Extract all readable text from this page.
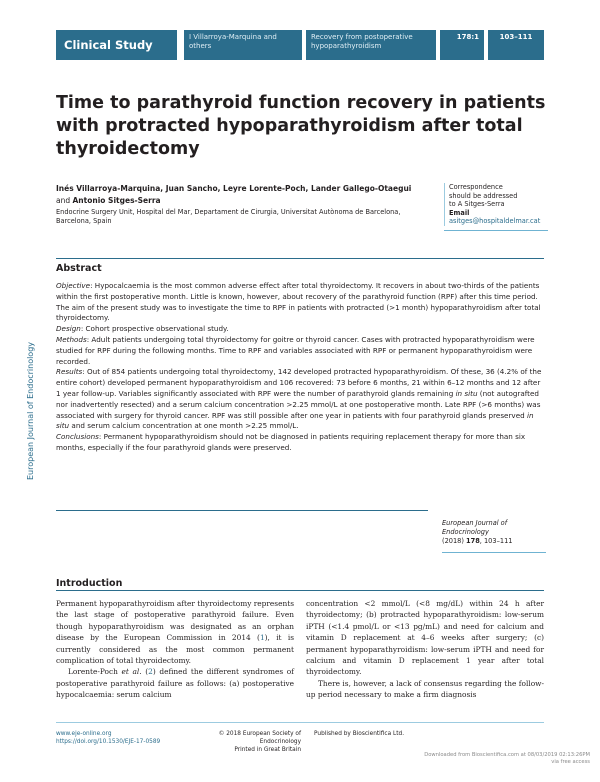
Clinical Study
I Villarroya-Marquina and others
Recovery from postoperative hypoparathyroidism
178:1	103–111
European Journal of Endocrinology
Time to parathyroid function recovery in patients with protracted hypoparathyroidism after total thyroidectomy
Inés Villarroya-Marquina, Juan Sancho, Leyre Lorente-Poch, Lander Gallego-Otaegui
and Antonio Sitges-Serra
Endocrine Surgery Unit, Hospital del Mar, Departament de Cirurgia, Universitat Autònoma de Barcelona, Barcelona, Spain
Correspondence
should be addressed
to A Sitges-Serra
Email
asitges@hospitaldelmar.cat
Abstract

Objective: Hypocalcaemia is the most common adverse effect after total thyroidectomy. It recovers in about two-thirds of the patients within the first postoperative month. Little is known, however, about recovery of the parathyroid function (RPF) after this time period. The aim of the present study was to investigate the time to RPF in patients with protracted (>1 month) hypoparathyroidism after total thyroidectomy.

Design: Cohort prospective observational study.

Methods: Adult patients undergoing total thyroidectomy for goitre or thyroid cancer. Cases with protracted hypoparathyroidism were studied for RPF during the following months. Time to RPF and variables associated with RPF or permanent hypoparathyroidism were recorded.

Results: Out of 854 patients undergoing total thyroidectomy, 142 developed protracted hypoparathyroidism. Of these, 36 (4.2% of the entire cohort) developed permanent hypoparathyroidism and 106 recovered: 73 before 6 months, 21 within 6–12 months and 12 after 1 year follow-up. Variables significantly associated with RPF were the number of parathyroid glands remaining in situ (not autografted nor inadvertently resected) and a serum calcium concentration >2.25 mmol/L at one postoperative month. Late RPF (>6 months) was associated with surgery for thyroid cancer. RPF was still possible after one year in patients with four parathyroid glands preserved in situ and serum calcium concentration at one month >2.25 mmol/L.

Conclusions: Permanent hypoparathyroidism should not be diagnosed in patients requiring replacement therapy for more than six months, especially if the four parathyroid glands were preserved.

European Journal of Endocrinology
(2018) 178, 103–111
Introduction

Permanent hypoparathyroidism after thyroidectomy represents the last stage of postoperative parathyroid failure. Even though hypoparathyroidism was designated as an orphan disease by the European Commission in 2014 (1), it is currently considered as the most common permanent complication of total thyroidectomy.

Lorente-Poch et al. (2) defined the different syndromes of postoperative parathyroid failure as follows: (a) postoperative hypocalcaemia: serum calcium

concentration <2 mmol/L (<8 mg/dL) within 24 h after thyroidectomy; (b) protracted hypoparathyroidism: low-serum iPTH (<1.4 pmol/L or <13 pg/mL) and need for calcium and vitamin D replacement at 4–6 weeks after surgery; (c) permanent hypoparathyroidism: low-serum iPTH and need for calcium and vitamin D replacement 1 year after total thyroidectomy.

There is, however, a lack of consensus regarding the follow-up period necessary to make a firm diagnosis

www.eje-online.org
https://doi.org/10.1530/EJE-17-0589
© 2018 European Society of Endocrinology
Printed in Great Britain
Published by Bioscientifica Ltd.
Downloaded from Bioscientifica.com at 08/03/2019 02:13:26PM
via free access
